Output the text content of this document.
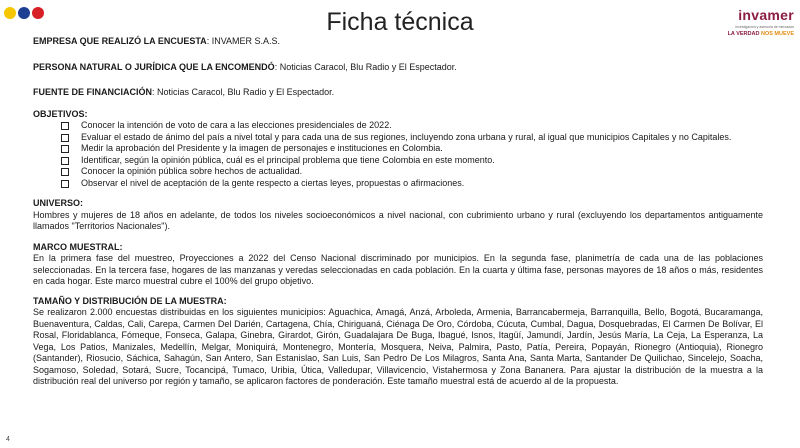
Ficha técnica	invamer
investigación y asesoría de mercados
LA VERDAD NOS MUEVE
EMPRESA QUE REALIZÓ LA ENCUESTA: INVAMER S.A.S.
PERSONA NATURAL O JURÍDICA QUE LA ENCOMENDÓ: Noticias Caracol, Blu Radio y El Espectador.
FUENTE DE FINANCIACIÓN: Noticias Caracol, Blu Radio y El Espectador.
OBJETIVOS:
Conocer la intención de voto de cara a las elecciones presidenciales de 2022.
Evaluar el estado de ánimo del país a nivel total y para cada una de sus regiones, incluyendo zona urbana y rural, al igual que municipios Capitales y no Capitales.
Medir la aprobación del Presidente y la imagen de personajes e instituciones en Colombia.
Identificar, según la opinión pública, cuál es el principal problema que tiene Colombia en este momento.
Conocer la opinión pública sobre hechos de actualidad.
Observar el nivel de aceptación de la gente respecto a ciertas leyes, propuestas o afirmaciones.
UNIVERSO:

Hombres y mujeres de 18 años en adelante, de todos los niveles socioeconómicos a nivel nacional, con cubrimiento urbano y rural (excluyendo los departamentos antiguamente llamados "Territorios Nacionales").

MARCO MUESTRAL:

En la primera fase del muestreo, Proyecciones a 2022 del Censo Nacional discriminado por municipios. En la segunda fase, planimetría de cada una de las poblaciones seleccionadas. En la tercera fase, hogares de las manzanas y veredas seleccionadas en cada población. En la cuarta y última fase, personas mayores de 18 años o más, residentes en cada hogar. Este marco muestral cubre el 100% del grupo objetivo.

TAMAÑO Y DISTRIBUCIÓN DE LA MUESTRA:

Se realizaron 2.000 encuestas distribuidas en los siguientes municipios: Aguachica, Amagá, Anzá, Arboleda, Armenia, Barrancabermeja, Barranquilla, Bello, Bogotá, Bucaramanga, Buenaventura, Caldas, Cali, Carepa, Carmen Del Darién, Cartagena, Chía, Chiriguaná, Ciénaga De Oro, Córdoba, Cúcuta, Cumbal, Dagua, Dosquebradas, El Carmen De Bolívar, El Rosal, Floridablanca, Fómeque, Fonseca, Galapa, Ginebra, Girardot, Girón, Guadalajara De Buga, Ibagué, Isnos, Itagüí, Jamundí, Jardín, Jesús María, La Ceja, La Esperanza, La Vega, Los Patios, Manizales, Medellín, Melgar, Moniquirá, Montenegro, Montería, Mosquera, Neiva, Palmira, Pasto, Patía, Pereira, Popayán, Rionegro (Antioquia), Rionegro (Santander), Riosucio, Sáchica, Sahagún, San Antero, San Estanislao, San Luis, San Pedro De Los Milagros, Santa Ana, Santa Marta, Santander De Quilichao, Sincelejo, Soacha, Sogamoso, Soledad, Sotará, Sucre, Tocancipá, Tumaco, Uribia, Útica, Valledupar, Villavicencio, Vistahermosa y Zona Bananera. Para ajustar la distribución de la muestra a la distribución real del universo por región y tamaño, se aplicaron factores de ponderación. Este tamaño muestral está de acuerdo al de la propuesta.

4
